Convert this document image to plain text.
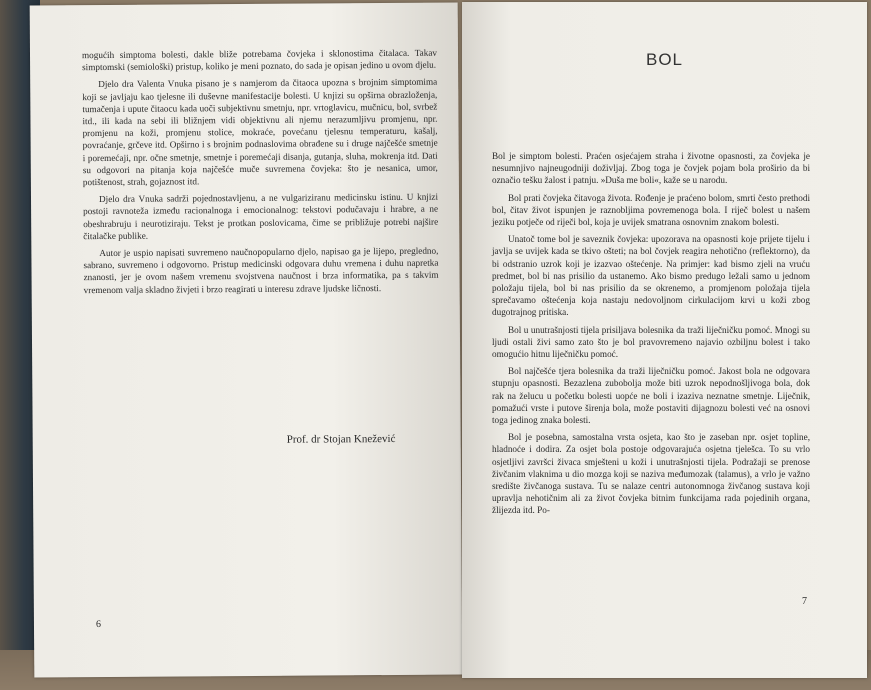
mogućih simptoma bolesti, dakle bliže potrebama čovjeka i sklonostima čitalaca. Takav simptomski (semiološki) pristup, koliko je meni poznato, do sada je opisan jedino u ovom djelu.

Djelo dra Valenta Vnuka pisano je s namjerom da čitaoca upozna s brojnim simptomima koji se javljaju kao tjelesne ili duševne manifestacije bolesti. U knjizi su opširna obrazloženja, tumačenja i upute čitaocu kada uoči subjektivnu smetnju, npr. vrtoglavicu, mučnicu, bol, svrbež itd., ili kada na sebi ili bližnjem vidi objektivnu ali njemu nerazumljivu promjenu, npr. promjenu na koži, promjenu stolice, mokraće, povećanu tjelesnu temperaturu, kašalj, povraćanje, grčeve itd. Opširno i s brojnim podnaslovima obrađene su i druge najčešće smetnje i poremećaji, npr. očne smetnje, smetnje i poremećaji disanja, gutanja, sluha, mokrenja itd. Dati su odgovori na pitanja koja najčešće muče suvremena čovjeka: što je nesanica, umor, potištenost, strah, gojaznost itd.

Djelo dra Vnuka sadrži pojednostavljenu, a ne vulgariziranu medicinsku istinu. U knjizi postoji ravnoteža između racionalnoga i emocionalnog: tekstovi podučavaju i hrabre, a ne obeshrabruju i neurotiziraju. Tekst je protkan poslovicama, čime se približuje potrebi najšire čitalačke publike.

Autor je uspio napisati suvremeno naučnopopularno djelo, napisao ga je lijepo, pregledno, sabrano, suvremeno i odgovorno. Pristup medicinski odgovara duhu vremena i duhu napretka znanosti, jer je ovom našem vremenu svojstvena naučnost i brza informatika, pa s takvim vremenom valja skladno živjeti i brzo reagirati u interesu zdrave ljudske ličnosti.

Prof. dr Stojan Knežević
6
BOL

Bol je simptom bolesti. Praćen osjećajem straha i životne opasnosti, za čovjeka je nesumnjivo najneugodniji doživljaj. Zbog toga je čovjek pojam bola proširio da bi označio tešku žalost i patnju. »Duša me boli«, kaže se u narodu.

Bol prati čovjeka čitavoga života. Rođenje je praćeno bolom, smrti često prethodi bol, čitav život ispunjen je raznobljima povremenoga bola. I riječ bolest u našem jeziku potječe od riječi bol, koja je uvijek smatrana osnovnim znakom bolesti.

Unatoč tome bol je saveznik čovjeka: upozorava na opasnosti koje prijete tijelu i javlja se uvijek kada se tkivo ošteti; na bol čovjek reagira nehotično (reflektorno), da bi odstranio uzrok koji je izazvao oštećenje. Na primjer: kad bismo zjeli na vruću predmet, bol bi nas prisilio da ustanemo. Ako bismo predugo ležali samo u jednom položaju tijela, bol bi nas prisilio da se okrenemo, a promjenom položaja tijela sprečavamo oštećenja koja nastaju nedovoljnom cirkulacijom krvi u koži zbog dugotrajnog pritiska.

Bol u unutrašnjosti tijela prisiljava bolesnika da traži liječničku pomoć. Mnogi su ljudi ostali živi samo zato što je bol pravovremeno najavio ozbiljnu bolest i tako omogućio hitnu liječničku pomoć.

Bol najčešće tjera bolesnika da traži liječničku pomoć. Jakost bola ne odgovara stupnju opasnosti. Bezazlena zubobolja može biti uzrok nepodnošljivoga bola, dok rak na želucu u početku bolesti uopće ne boli i izaziva neznatne smetnje. Liječnik, pomažući vrste i putove širenja bola, može postaviti dijagnozu bolesti već na osnovi toga jedinog znaka bolesti.

Bol je posebna, samostalna vrsta osjeta, kao što je zaseban npr. osjet topline, hladnoće i dodira. Za osjet bola postoje odgovarajuća osjetna tjelešca. To su vrlo osjetljivi završci živaca smješteni u koži i unutrašnjosti tijela. Podražaji se prenose živčanim vlaknima u dio mozga koji se naziva međumozak (talamus), a vrlo je važno središte živčanoga sustava. Tu se nalaze centri autonomnoga živčanog sustava koji upravlja nehotičnim ali za život čovjeka bitnim funkcijama rada pojedinih organa, žlijezda itd. Po-

7
